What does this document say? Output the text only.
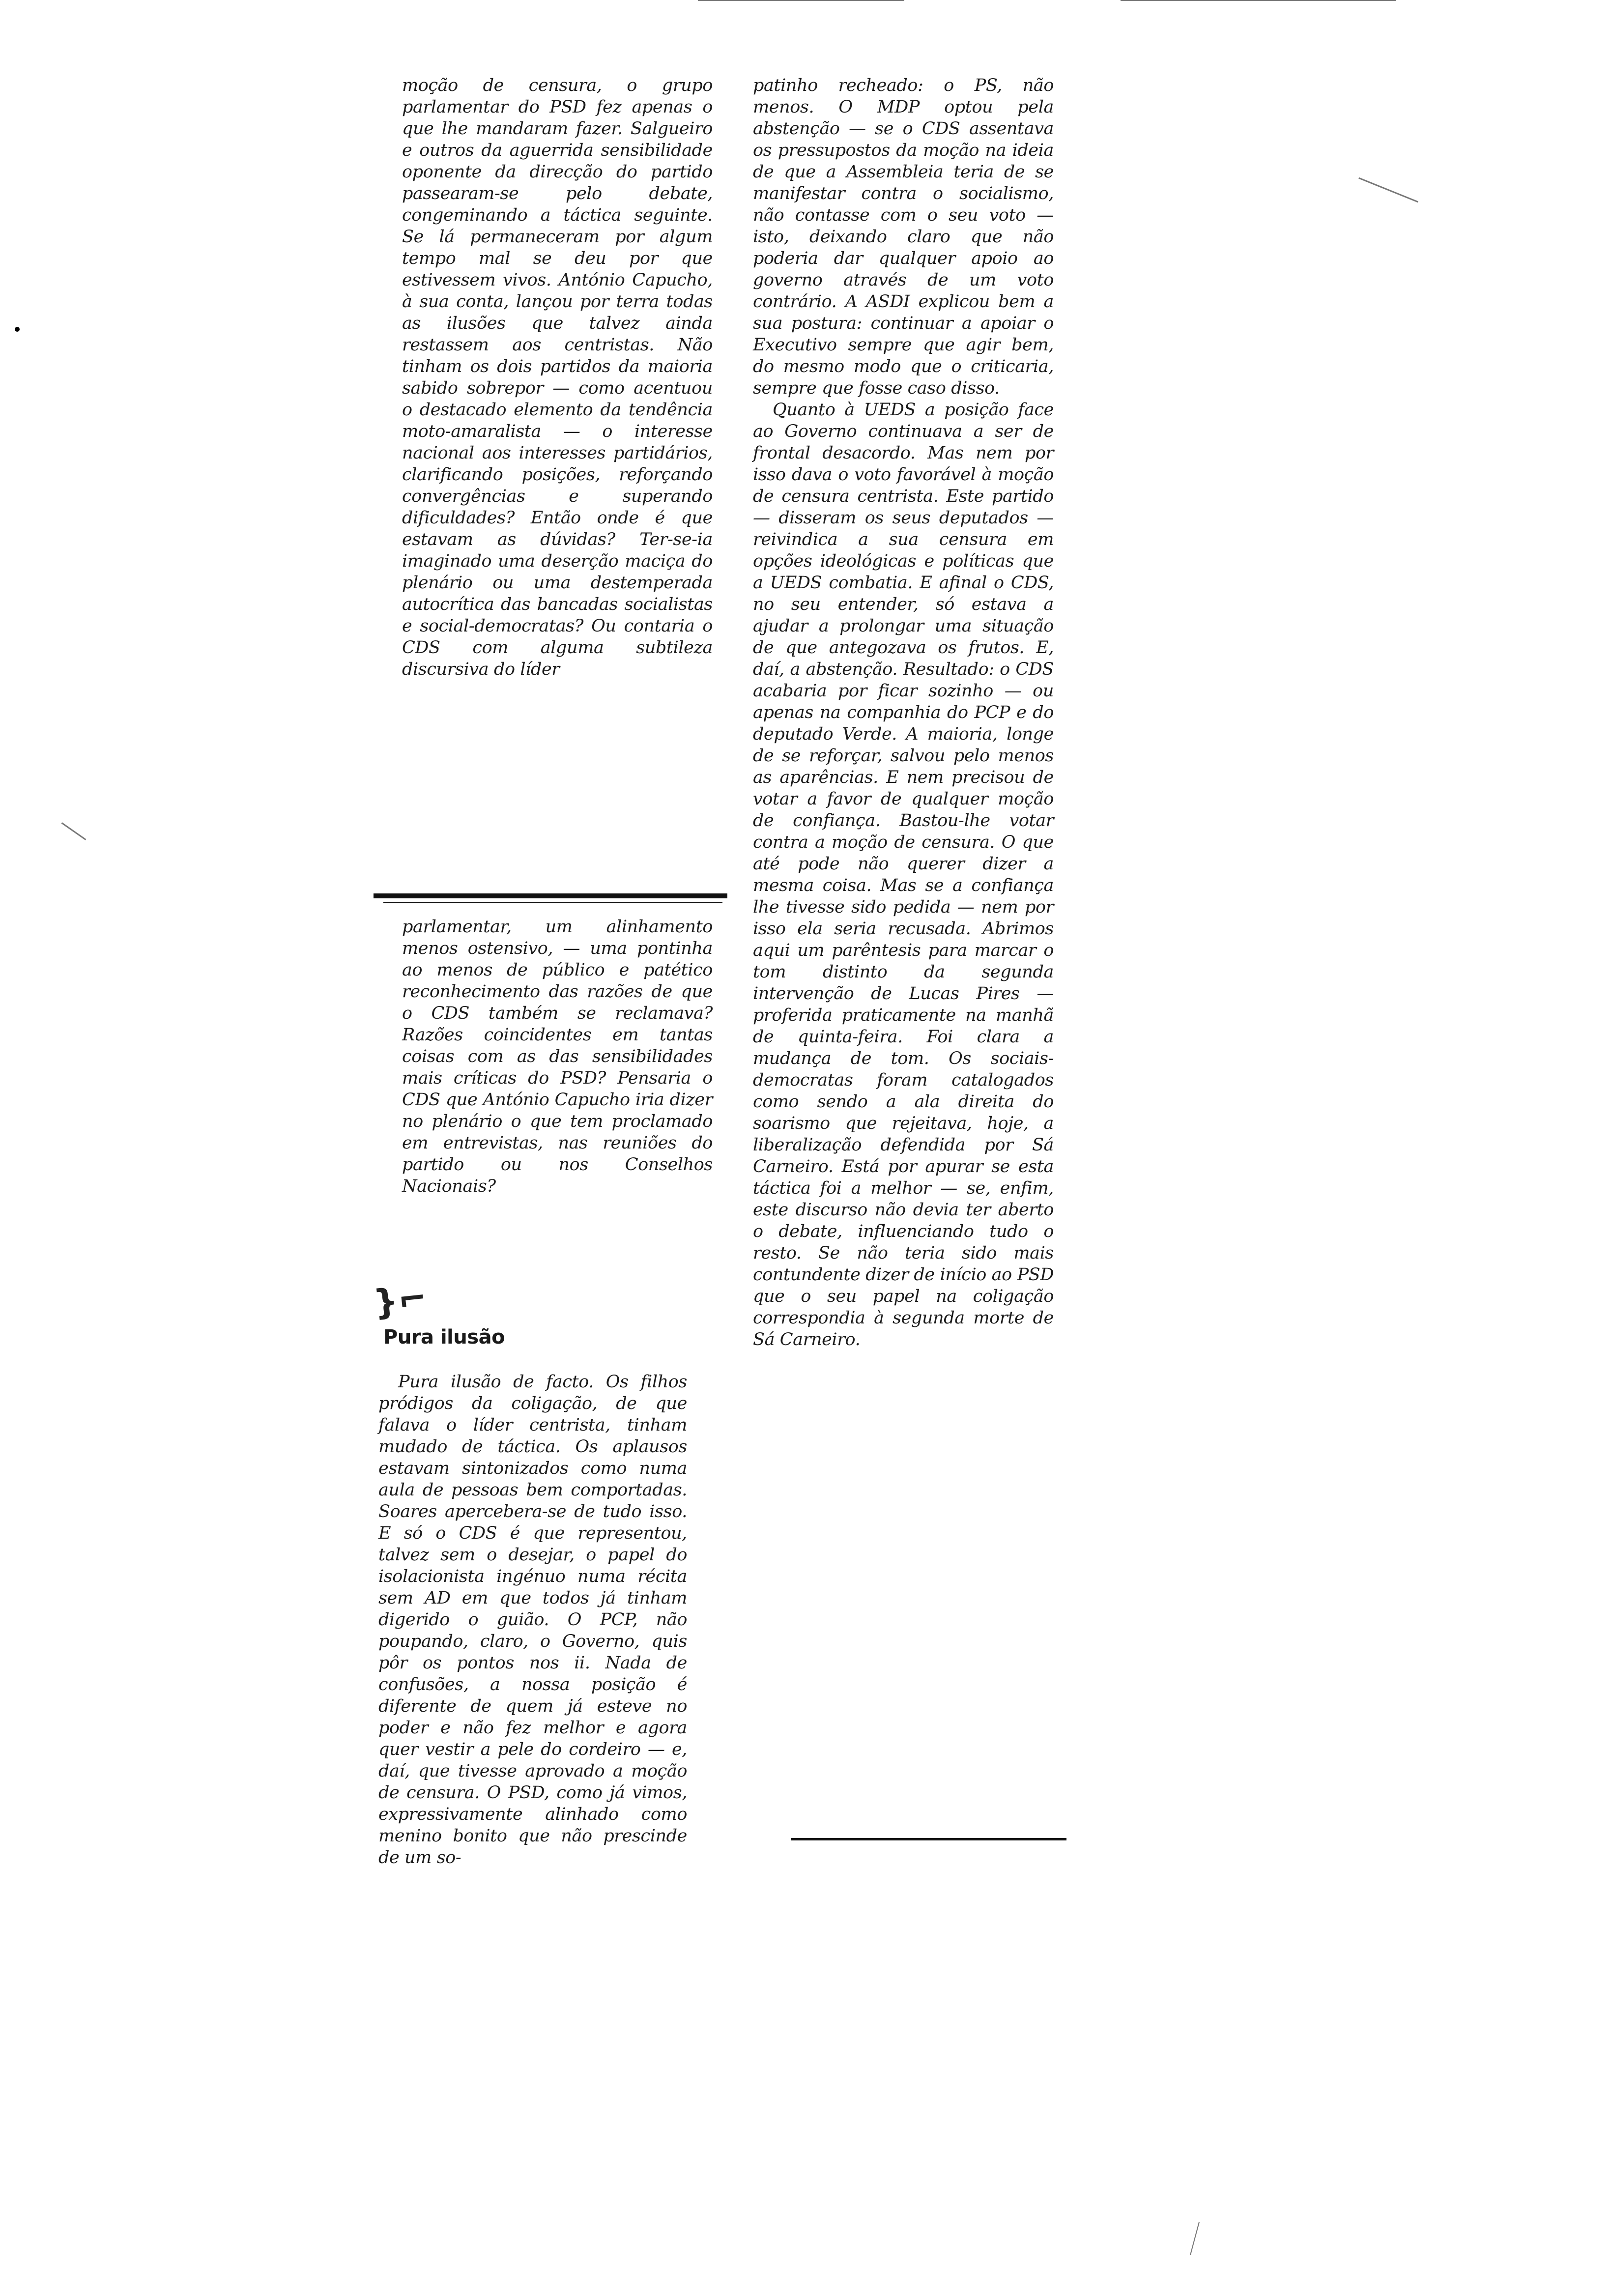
moção de censura, o grupo parlamentar do PSD fez apenas o que lhe mandaram fazer. Salgueiro e outros da aguerrida sensibilidade oponente da direcção do partido passearam-se pelo debate, congeminando a táctica seguinte. Se lá permaneceram por algum tempo mal se deu por que estivessem vivos. António Capucho, à sua conta, lançou por terra todas as ilusões que talvez ainda restassem aos centristas. Não tinham os dois partidos da maioria sabido sobrepor — como acentuou o destacado elemento da tendência moto-amaralista — o interesse nacional aos interesses partidários, clarificando posições, reforçando convergências e superando dificuldades? Então onde é que estavam as dúvidas? Ter-se-ia imaginado uma deserção maciça do plenário ou uma destemperada autocrítica das bancadas socialistas e social-democratas? Ou contaria o CDS com alguma subtileza discursiva do líder

parlamentar, um alinhamento menos ostensivo, — uma pontinha ao menos de público e patético reconhecimento das razões de que o CDS também se reclamava? Razões coincidentes em tantas coisas com as das sensibilidades mais críticas do PSD? Pensaria o CDS que António Capucho iria dizer no plenário o que tem proclamado em entrevistas, nas reuniões do partido ou nos Conselhos Nacionais?

}⌐
Pura ilusão

Pura ilusão de facto. Os filhos pródigos da coligação, de que falava o líder centrista, tinham mudado de táctica. Os aplausos estavam sintonizados como numa aula de pessoas bem comportadas. Soares apercebera-se de tudo isso. E só o CDS é que representou, talvez sem o desejar, o papel do isolacionista ingénuo numa récita sem AD em que todos já tinham digerido o guião. O PCP, não poupando, claro, o Governo, quis pôr os pontos nos ii. Nada de confusões, a nossa posição é diferente de quem já esteve no poder e não fez melhor e agora quer vestir a pele do cordeiro — e, daí, que tivesse aprovado a moção de censura. O PSD, como já vimos, expressivamente alinhado como menino bonito que não prescinde de um so-

patinho recheado: o PS, não menos. O MDP optou pela abstenção — se o CDS assentava os pressupostos da moção na ideia de que a Assembleia teria de se manifestar contra o socialismo, não contasse com o seu voto — isto, deixando claro que não poderia dar qualquer apoio ao governo através de um voto contrário. A ASDI explicou bem a sua postura: continuar a apoiar o Executivo sempre que agir bem, do mesmo modo que o criticaria, sempre que fosse caso disso.

Quanto à UEDS a posição face ao Governo continuava a ser de frontal desacordo. Mas nem por isso dava o voto favorável à moção de censura centrista. Este partido — disseram os seus deputados — reivindica a sua censura em opções ideológicas e políticas que a UEDS combatia. E afinal o CDS, no seu entender, só estava a ajudar a prolongar uma situação de que antegozava os frutos. E, daí, a abstenção. Resultado: o CDS acabaria por ficar sozinho — ou apenas na companhia do PCP e do deputado Verde. A maioria, longe de se reforçar, salvou pelo menos as aparências. E nem precisou de votar a favor de qualquer moção de confiança. Bastou-lhe votar contra a moção de censura. O que até pode não querer dizer a mesma coisa. Mas se a confiança lhe tivesse sido pedida — nem por isso ela seria recusada. Abrimos aqui um parêntesis para marcar o tom distinto da segunda intervenção de Lucas Pires — proferida praticamente na manhã de quinta-feira. Foi clara a mudança de tom. Os sociais-democratas foram catalogados como sendo a ala direita do soarismo que rejeitava, hoje, a liberalização defendida por Sá Carneiro. Está por apurar se esta táctica foi a melhor — se, enfim, este discurso não devia ter aberto o debate, influenciando tudo o resto. Se não teria sido mais contundente dizer de início ao PSD que o seu papel na coligação correspondia à segunda morte de Sá Carneiro.
